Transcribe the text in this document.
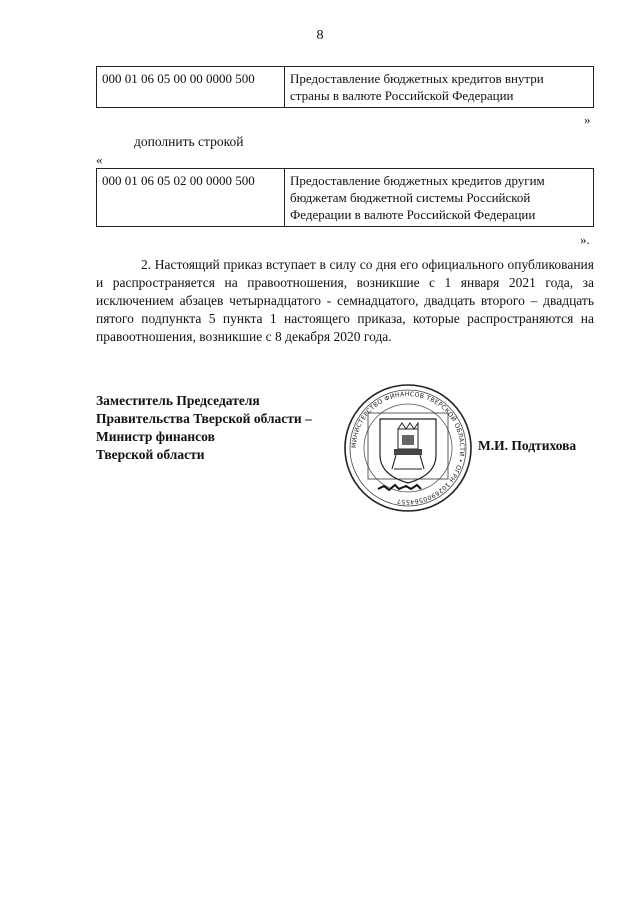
8
000 01 06 05 00 00 0000 500	Предоставление бюджетных кредитов внутри
страны в валюте Российской Федерации
»
дополнить строкой
«
000 01 06 05 02 00 0000 500	Предоставление бюджетных кредитов другим
бюджетам бюджетной системы Российской
Федерации в валюте Российской Федерации
».
2. Настоящий приказ вступает в силу со дня его официального опубликования и распространяется на правоотношения, возникшие с 1 января 2021 года, за исключением абзацев четырнадцатого - семнадцатого, двадцать второго – двадцать пятого подпункта 5 пункта 1 настоящего приказа, которые распространяются на правоотношения, возникшие с 8 декабря 2020 года.
Заместитель Председателя
Правительства Тверской области –
Министр финансов
Тверской области
МИНИСТЕРСТВО ФИНАНСОВ ТВЕРСКОЙ ОБЛАСТИ • ОГРН 1026900564557
М.И. Подтихова
